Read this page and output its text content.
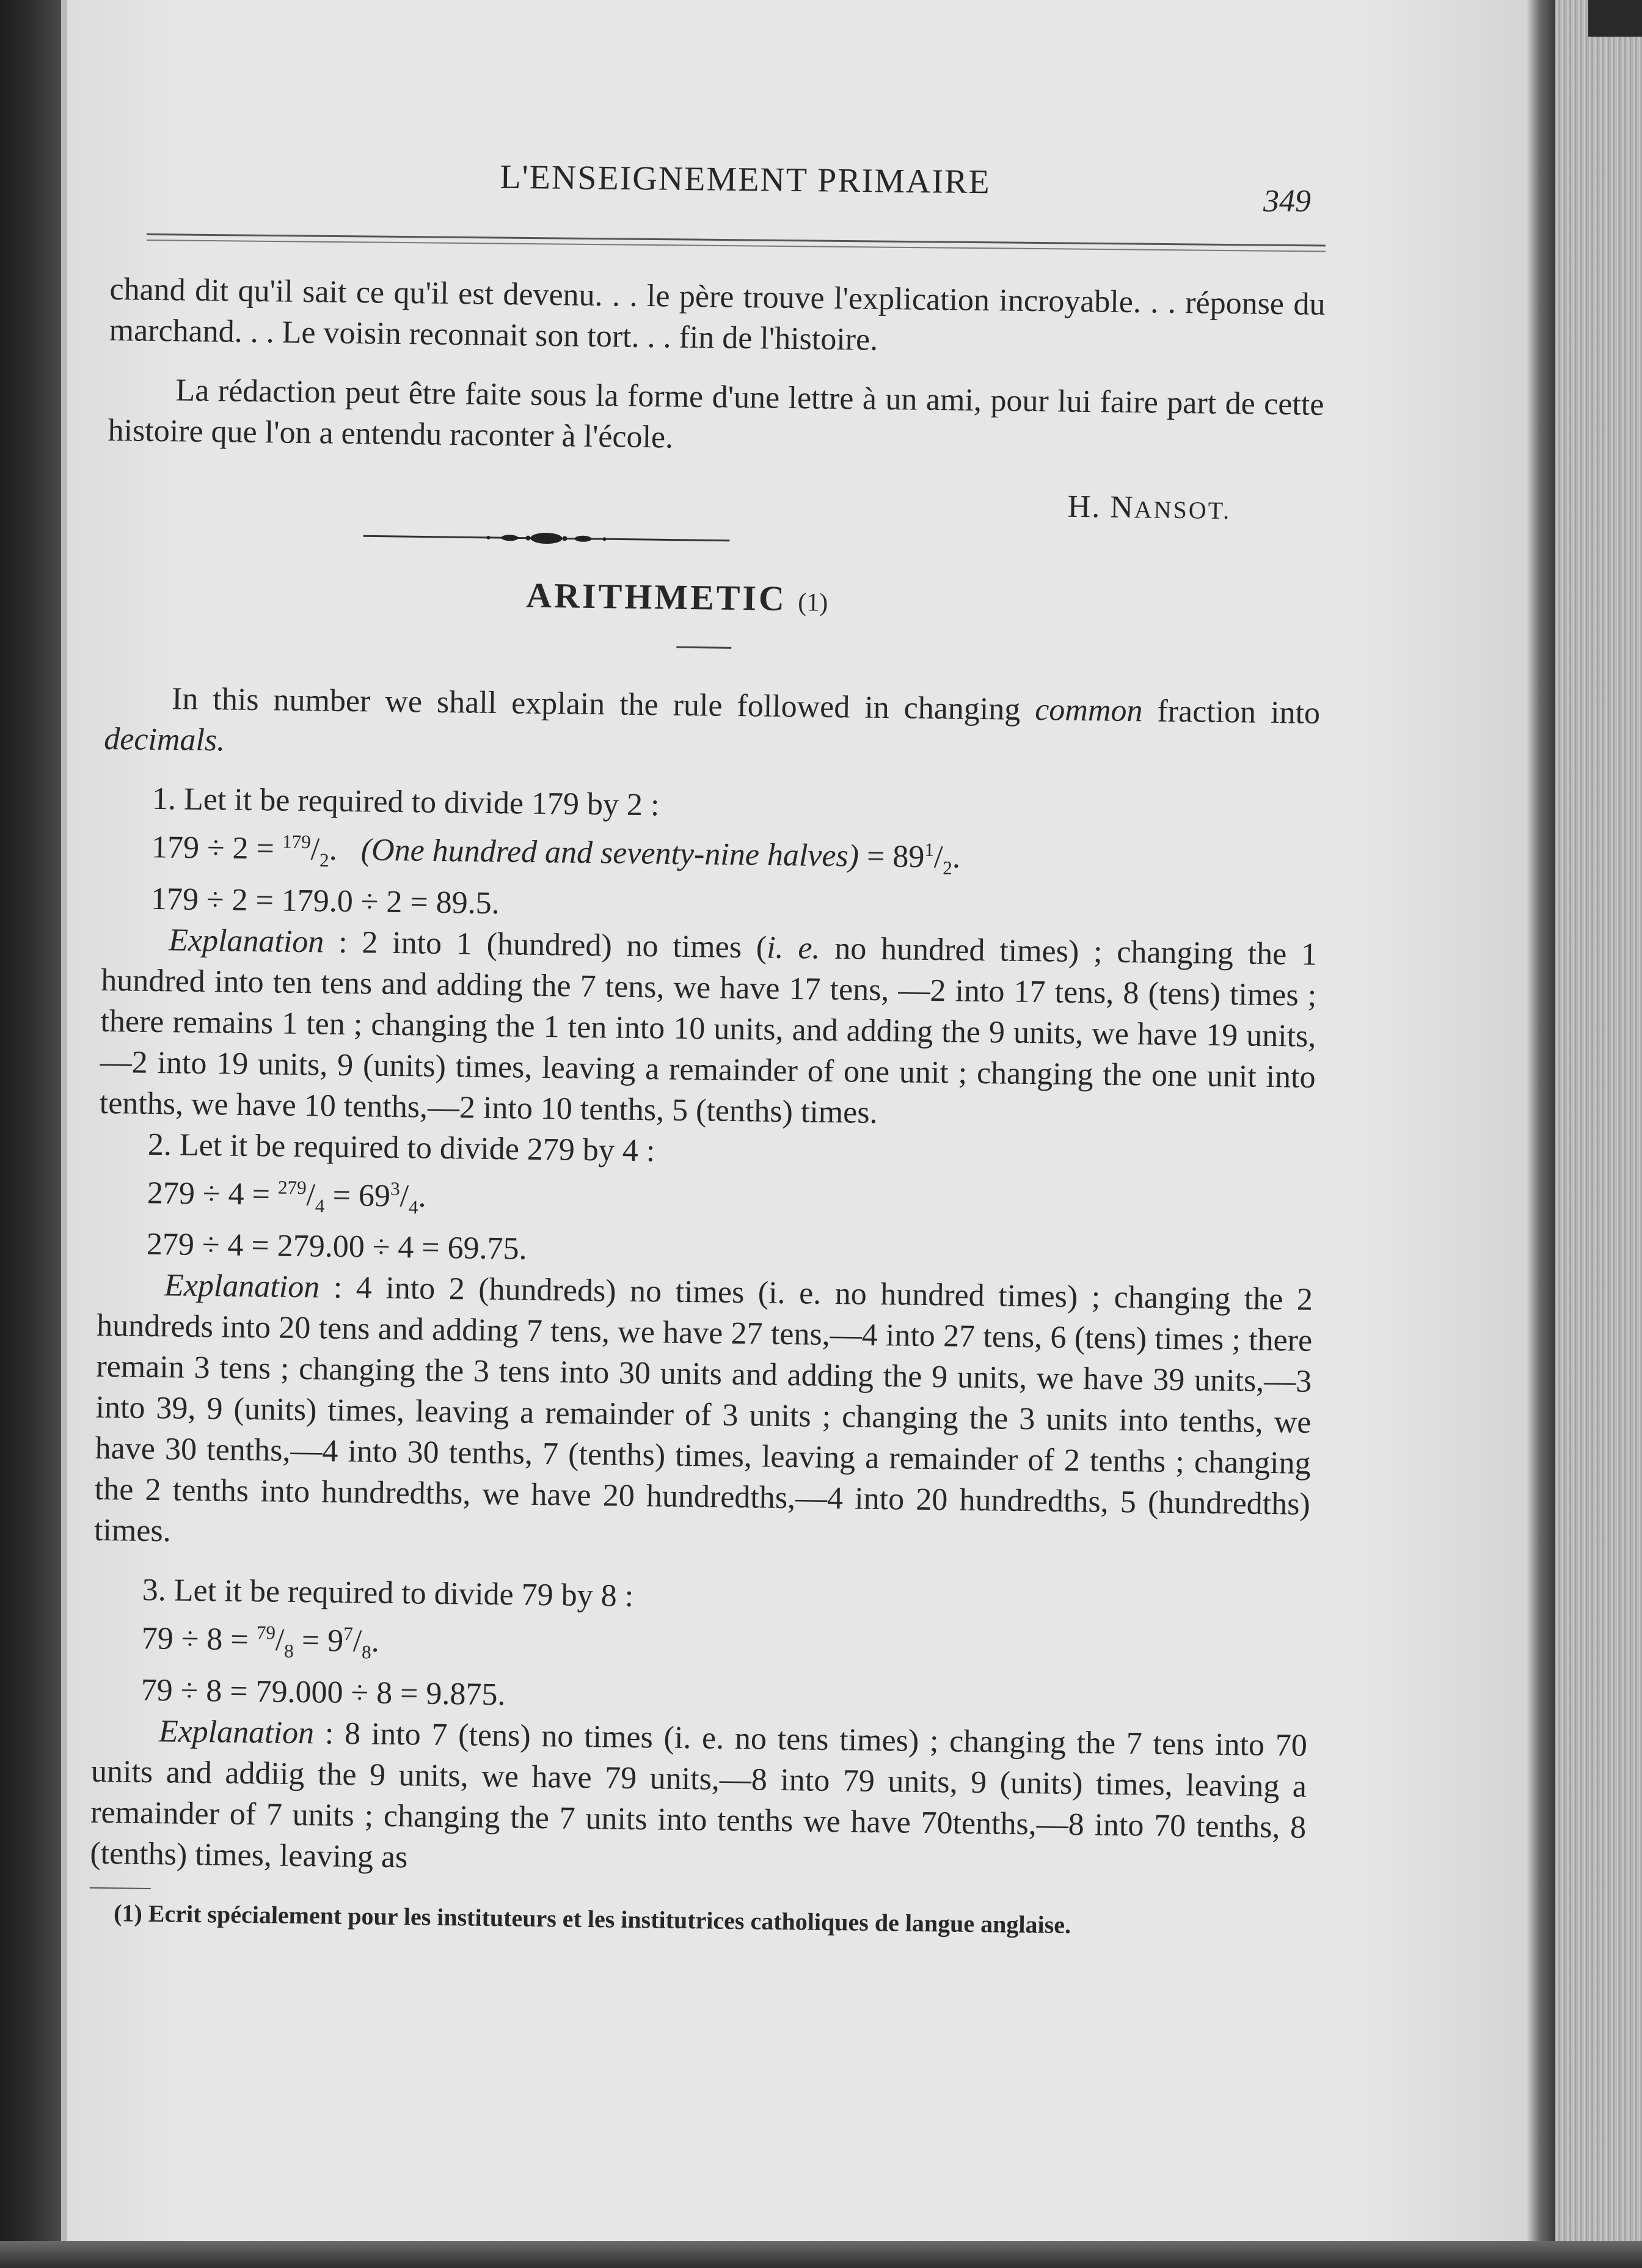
L'ENSEIGNEMENT PRIMAIRE
349

chand dit qu'il sait ce qu'il est devenu. . . le père trouve l'explication incroyable. . . réponse du marchand. . . Le voisin reconnait son tort. . . fin de l'histoire.

La rédaction peut être faite sous la forme d'une lettre à un ami, pour lui faire part de cette histoire que l'on a entendu raconter à l'école.

H. NANSOT.

ARITHMETIC (1)

In this number we shall explain the rule followed in changing common fraction into decimals.

1. Let it be required to divide 179 by 2 :

$179 \div 2 = ^{179}/_2$.   (One hundred and seventy-nine halves) = $89^1/_2$.

179 ÷ 2 = 179.0 ÷ 2 = 89.5.

Explanation : 2 into 1 (hundred) no times (i. e. no hundred times) ; changing the 1 hundred into ten tens and adding the 7 tens, we have 17 tens, —2 into 17 tens, 8 (tens) times ; there remains 1 ten ; changing the 1 ten into 10 units, and adding the 9 units, we have 19 units,—2 into 19 units, 9 (units) times, leaving a remainder of one unit ; changing the one unit into tenths, we have 10 tenths,—2 into 10 tenths, 5 (tenths) times.

2. Let it be required to divide 279 by 4 :

$279 \div 4 = ^{279}/_4 = 69^3/_4$.

279 ÷ 4 = 279.00 ÷ 4 = 69.75.

Explanation : 4 into 2 (hundreds) no times (i. e. no hundred times) ; changing the 2 hundreds into 20 tens and adding 7 tens, we have 27 tens,—4 into 27 tens, 6 (tens) times ; there remain 3 tens ; changing the 3 tens into 30 units and adding the 9 units, we have 39 units,—3 into 39, 9 (units) times, leaving a remainder of 3 units ; changing the 3 units into tenths, we have 30 tenths,—4 into 30 tenths, 7 (tenths) times, leaving a remainder of 2 tenths ; changing the 2 tenths into hundredths, we have 20 hundredths,—4 into 20 hundredths, 5 (hundredths) times.

3. Let it be required to divide 79 by 8 :

$79 \div 8 = ^{79}/_8 = 9^7/_8$.

79 ÷ 8 = 79.000 ÷ 8 = 9.875.

Explanation : 8 into 7 (tens) no times (i. e. no tens times) ; changing the 7 tens into 70 units and addiig the 9 units, we have 79 units,—8 into 79 units, 9 (units) times, leaving a remainder of 7 units ; changing the 7 units into tenths we have 70tenths,—8 into 70 tenths, 8 (tenths) times, leaving as

(1) Ecrit spécialement pour les instituteurs et les institutrices catholiques de langue anglaise.
